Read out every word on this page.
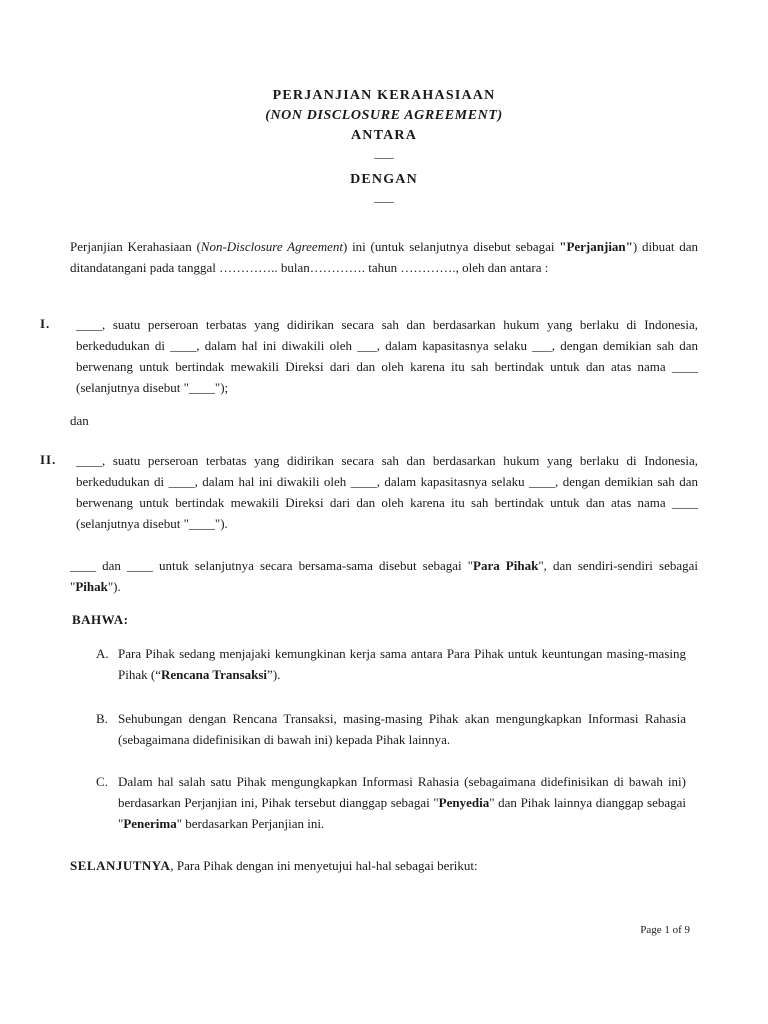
PERJANJIAN KERAHASIAAN
(NON DISCLOSURE AGREEMENT)
ANTARA
___
DENGAN
___
Perjanjian Kerahasiaan (Non-Disclosure Agreement) ini (untuk selanjutnya disebut sebagai "Perjanjian") dibuat dan ditandatangani pada tanggal ………….. bulan…………. tahun …………., oleh dan antara :
I. ____, suatu perseroan terbatas yang didirikan secara sah dan berdasarkan hukum yang berlaku di Indonesia, berkedudukan di ____, dalam hal ini diwakili oleh ___, dalam kapasitasnya selaku ___, dengan demikian sah dan berwenang untuk bertindak mewakili Direksi dari dan oleh karena itu sah bertindak untuk dan atas nama ____ (selanjutnya disebut "____");
dan
II. ____, suatu perseroan terbatas yang didirikan secara sah dan berdasarkan hukum yang berlaku di Indonesia, berkedudukan di ____, dalam hal ini diwakili oleh ____, dalam kapasitasnya selaku ____, dengan demikian sah dan berwenang untuk bertindak mewakili Direksi dari dan oleh karena itu sah bertindak untuk dan atas nama ____ (selanjutnya disebut "____").
____ dan ____ untuk selanjutnya secara bersama-sama disebut sebagai "Para Pihak", dan sendiri-sendiri sebagai "Pihak").
BAHWA:
A. Para Pihak sedang menjajaki kemungkinan kerja sama antara Para Pihak untuk keuntungan masing-masing Pihak (“Rencana Transaksi”).
B. Sehubungan dengan Rencana Transaksi, masing-masing Pihak akan mengungkapkan Informasi Rahasia (sebagaimana didefinisikan di bawah ini) kepada Pihak lainnya.
C. Dalam hal salah satu Pihak mengungkapkan Informasi Rahasia (sebagaimana didefinisikan di bawah ini) berdasarkan Perjanjian ini, Pihak tersebut dianggap sebagai "Penyedia" dan Pihak lainnya dianggap sebagai "Penerima" berdasarkan Perjanjian ini.
SELANJUTNYA, Para Pihak dengan ini menyetujui hal-hal sebagai berikut:
Page 1 of 9
